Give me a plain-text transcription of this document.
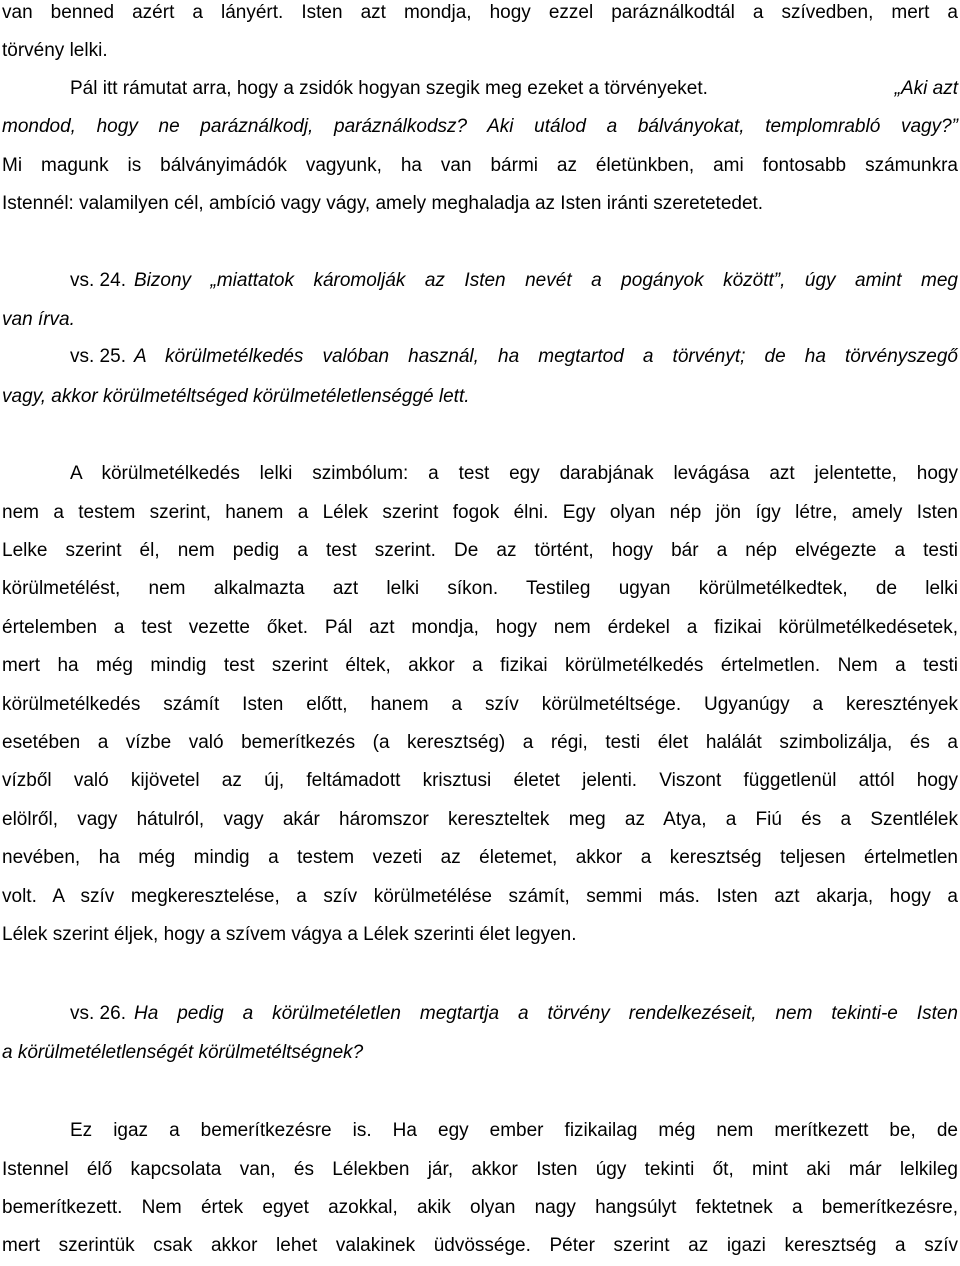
van benned azért a lányért. Isten azt mondja, hogy ezzel paráználkodtál a szívedben, mert a
törvény lelki.
Pál itt rámutat arra, hogy a zsidók hogyan szegik meg ezeket a törvényeket.	„Aki azt
mondod, hogy ne paráználkodj, paráználkodsz? Aki utálod a bálványokat, templomrabló vagy?”
Mi magunk is bálványimádók vagyunk, ha van bármi az életünkben, ami fontosabb számunkra
Istennél: valamilyen cél, ambíció vagy vágy, amely meghaladja az Isten iránti szeretetedet.
vs. 24. Bizony „miattatok káromolják az Isten nevét a pogányok között”, úgy amint meg
van írva.
vs. 25. A körülmetélkedés valóban használ, ha megtartod a törvényt; de ha törvényszegő
vagy, akkor körülmetéltséged körülmetéletlenséggé lett.
A körülmetélkedés lelki szimbólum: a test egy darabjának levágása azt jelentette, hogy
nem a testem szerint, hanem a Lélek szerint fogok élni. Egy olyan nép jön így létre, amely Isten
Lelke szerint él, nem pedig a test szerint. De az történt, hogy bár a nép elvégezte a testi
körülmetélést, nem alkalmazta azt lelki síkon. Testileg ugyan körülmetélkedtek, de lelki
értelemben a test vezette őket. Pál azt mondja, hogy nem érdekel a fizikai körülmetélkedésetek,
mert ha még mindig test szerint éltek, akkor a fizikai körülmetélkedés értelmetlen. Nem a testi
körülmetélkedés számít Isten előtt, hanem a szív körülmetéltsége. Ugyanúgy a keresztények
esetében a vízbe való bemerítkezés (a keresztség) a régi, testi élet halálát szimbolizálja, és a
vízből való kijövetel az új, feltámadott krisztusi életet jelenti. Viszont függetlenül attól hogy
elölről, vagy hátulról, vagy akár háromszor kereszteltek meg az Atya, a Fiú és a Szentlélek
nevében, ha még mindig a testem vezeti az életemet, akkor a keresztség teljesen értelmetlen
volt. A szív megkeresztelése, a szív körülmetélése számít, semmi más. Isten azt akarja, hogy a
Lélek szerint éljek, hogy a szívem vágya a Lélek szerinti élet legyen.
vs. 26. Ha pedig a körülmetéletlen megtartja a törvény rendelkezéseit, nem tekinti-e Isten
a körülmetéletlenségét körülmetéltségnek?
Ez igaz a bemerítkezésre is. Ha egy ember fizikailag még nem merítkezett be, de
Istennel élő kapcsolata van, és Lélekben jár, akkor Isten úgy tekinti őt, mint aki már lelkileg
bemerítkezett. Nem értek egyet azokkal, akik olyan nagy hangsúlyt fektetnek a bemerítkezésre,
mert szerintük csak akkor lehet valakinek üdvössége. Péter szerint az igazi keresztség a szív
